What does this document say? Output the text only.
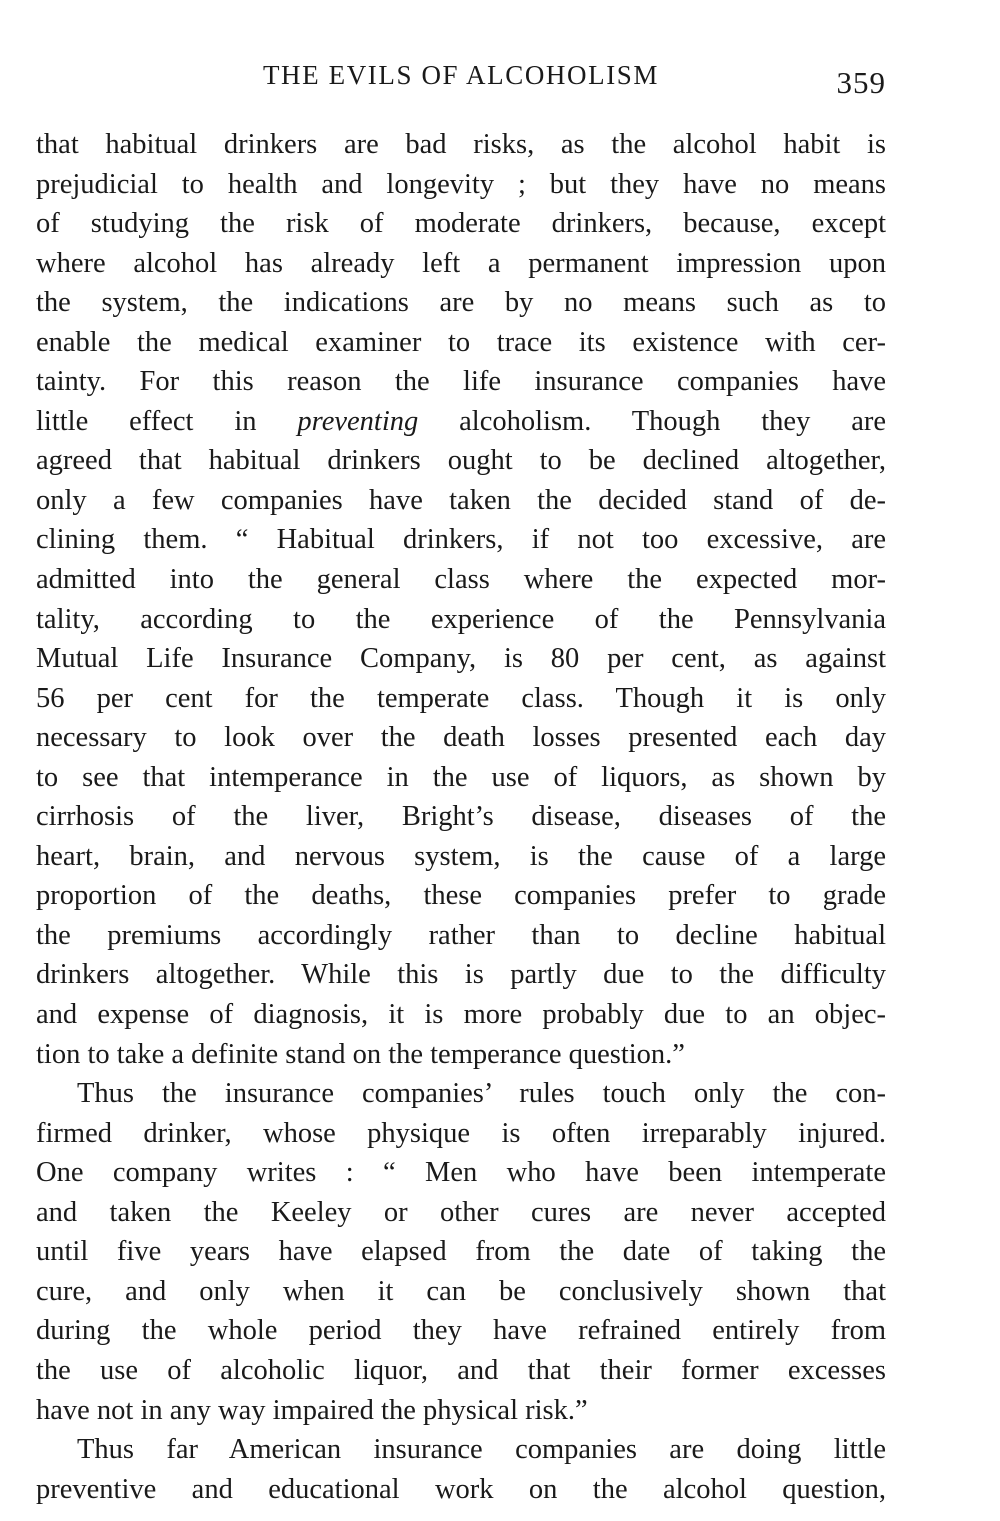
THE EVILS OF ALCOHOLISM	359
that habitual drinkers are bad risks, as the alcohol habit is
prejudicial to health and longevity ; but they have no means
of studying the risk of moderate drinkers, because, except
where alcohol has already left a permanent impression upon
the system, the indications are by no means such as to
enable the medical examiner to trace its existence with cer-
tainty. For this reason the life insurance companies have
little effect in preventing alcoholism. Though they are
agreed that habitual drinkers ought to be declined altogether,
only a few companies have taken the decided stand of de-
clining them. “ Habitual drinkers, if not too excessive, are
admitted into the general class where the expected mor-
tality, according to the experience of the Pennsylvania
Mutual Life Insurance Company, is 80 per cent, as against
56 per cent for the temperate class. Though it is only
necessary to look over the death losses presented each day
to see that intemperance in the use of liquors, as shown by
cirrhosis of the liver, Bright’s disease, diseases of the
heart, brain, and nervous system, is the cause of a large
proportion of the deaths, these companies prefer to grade
the premiums accordingly rather than to decline habitual
drinkers altogether. While this is partly due to the difficulty
and expense of diagnosis, it is more probably due to an objec-
tion to take a definite stand on the temperance question.”
Thus the insurance companies’ rules touch only the con-
firmed drinker, whose physique is often irreparably injured.
One company writes : “ Men who have been intemperate
and taken the Keeley or other cures are never accepted
until five years have elapsed from the date of taking the
cure, and only when it can be conclusively shown that
during the whole period they have refrained entirely from
the use of alcoholic liquor, and that their former excesses
have not in any way impaired the physical risk.”
Thus far American insurance companies are doing little
preventive and educational work on the alcohol question,
